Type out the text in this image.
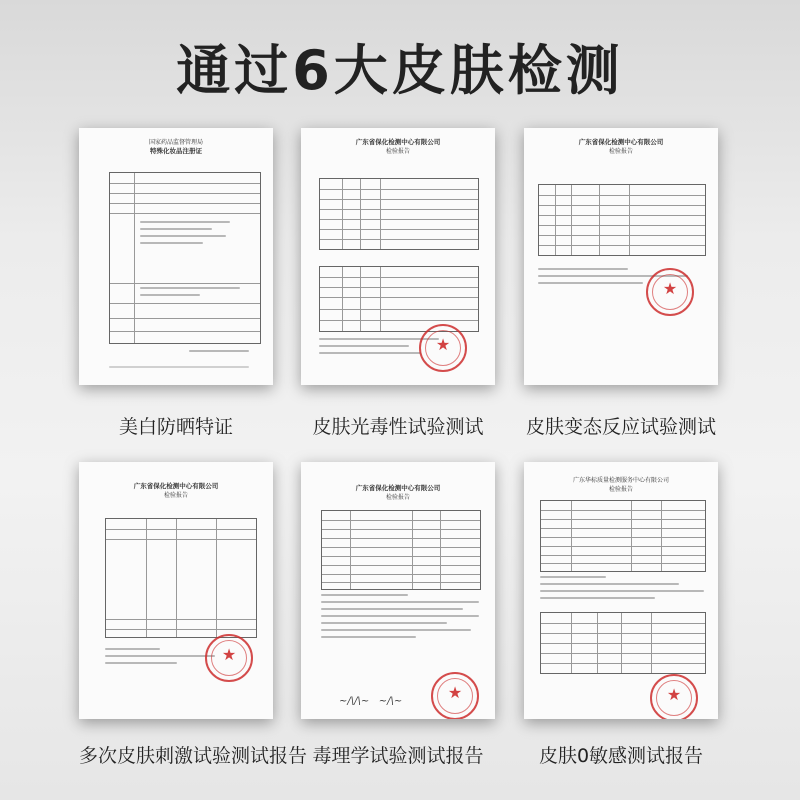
通过6大皮肤检测
国家药品监督管理局
特殊化妆品注册证
美白防晒特证
广东省保化检测中心有限公司
检验报告
★
皮肤光毒性试验测试
广东省保化检测中心有限公司
检验报告
★
皮肤变态反应试验测试
广东省保化检测中心有限公司
检验报告
★
多次皮肤刺激试验测试报告
广东省保化检测中心有限公司
检验报告
~/\/\~   ~/\~	★
毒理学试验测试报告
广东华标质量检测服务中心有限公司
检验报告
★
皮肤0敏感测试报告
